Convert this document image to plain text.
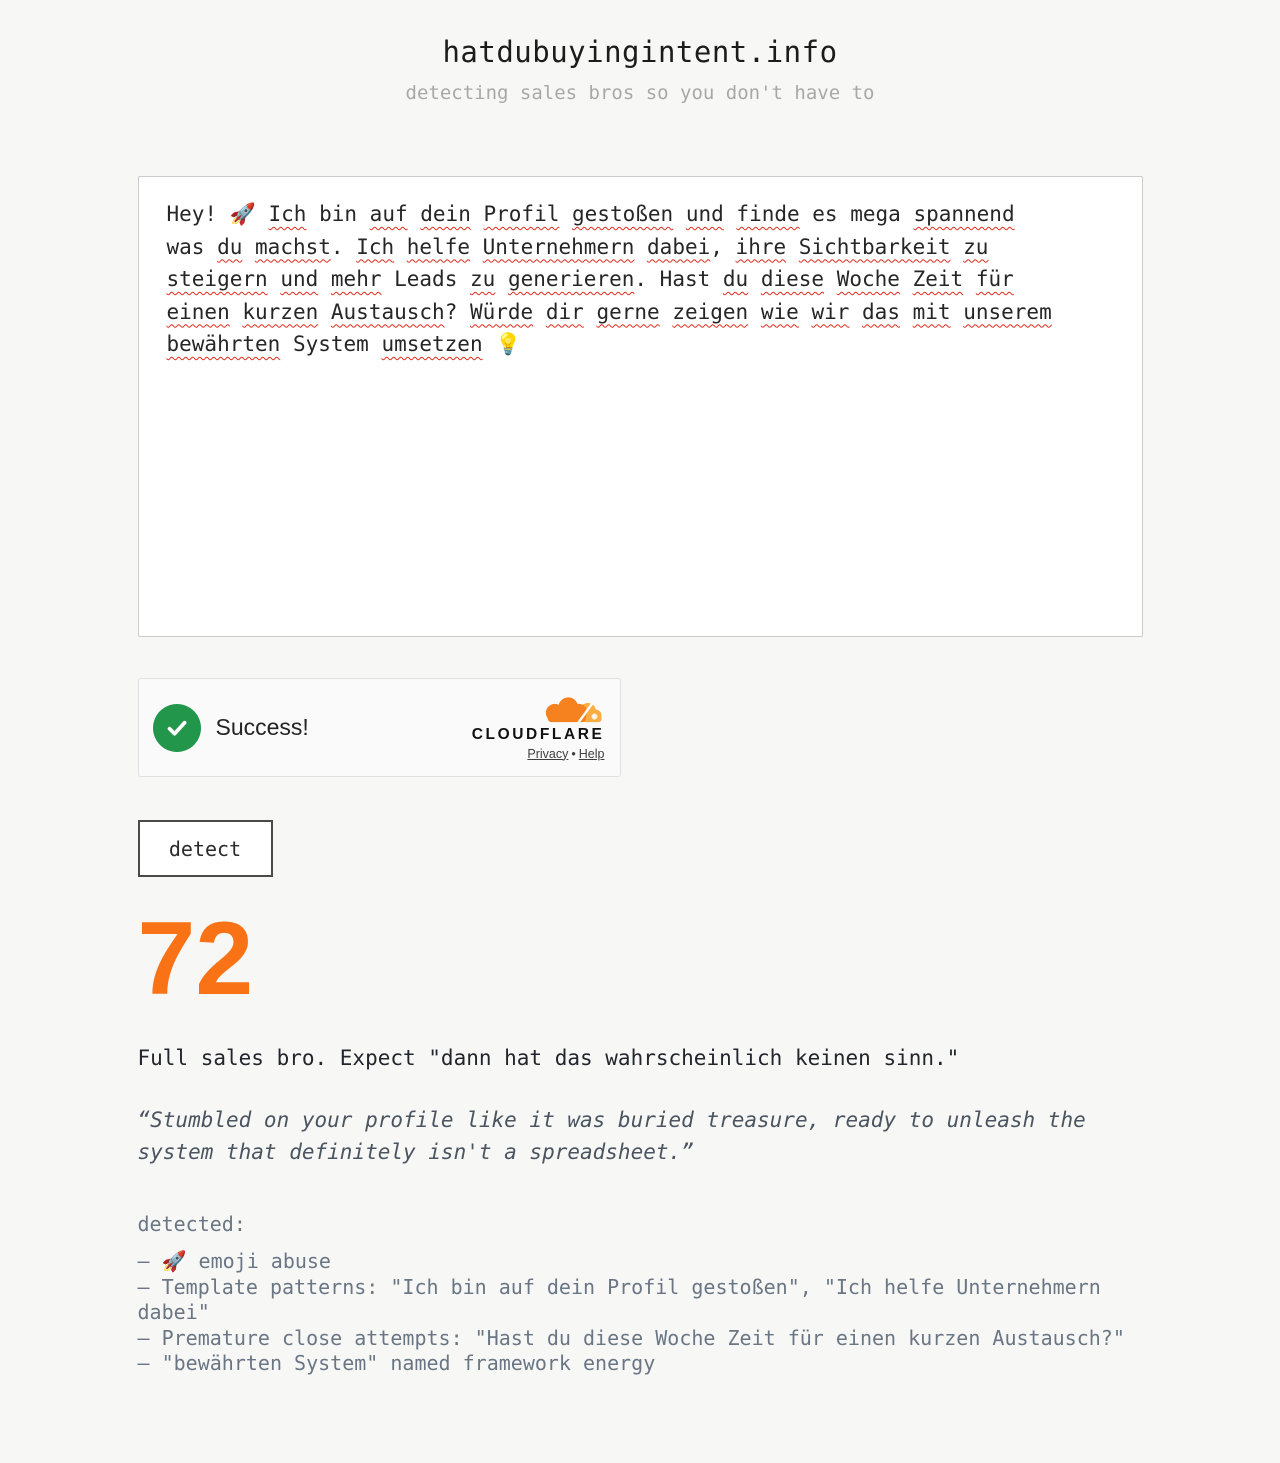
hatdubuyingintent.info
detecting sales bros so you don't have to
Hey! 🚀 Ich bin auf dein Profil gestoßen und finde es mega spannend
was du machst. Ich helfe Unternehmern dabei, ihre Sichtbarkeit zu
steigern und mehr Leads zu generieren. Hast du diese Woche Zeit für
einen kurzen Austausch? Würde dir gerne zeigen wie wir das mit unserem
bewährten System umsetzen 💡
Success!	CLOUDFLARE
Privacy • Help
detect
72
Full sales bro. Expect "dann hat das wahrscheinlich keinen sinn."
“Stumbled on your profile like it was buried treasure, ready to unleash the system that definitely isn't a spreadsheet.”
detected:
— 🚀 emoji abuse
— Template patterns: "Ich bin auf dein Profil gestoßen", "Ich helfe Unternehmern dabei"
— Premature close attempts: "Hast du diese Woche Zeit für einen kurzen Austausch?"
— "bewährten System" named framework energy
